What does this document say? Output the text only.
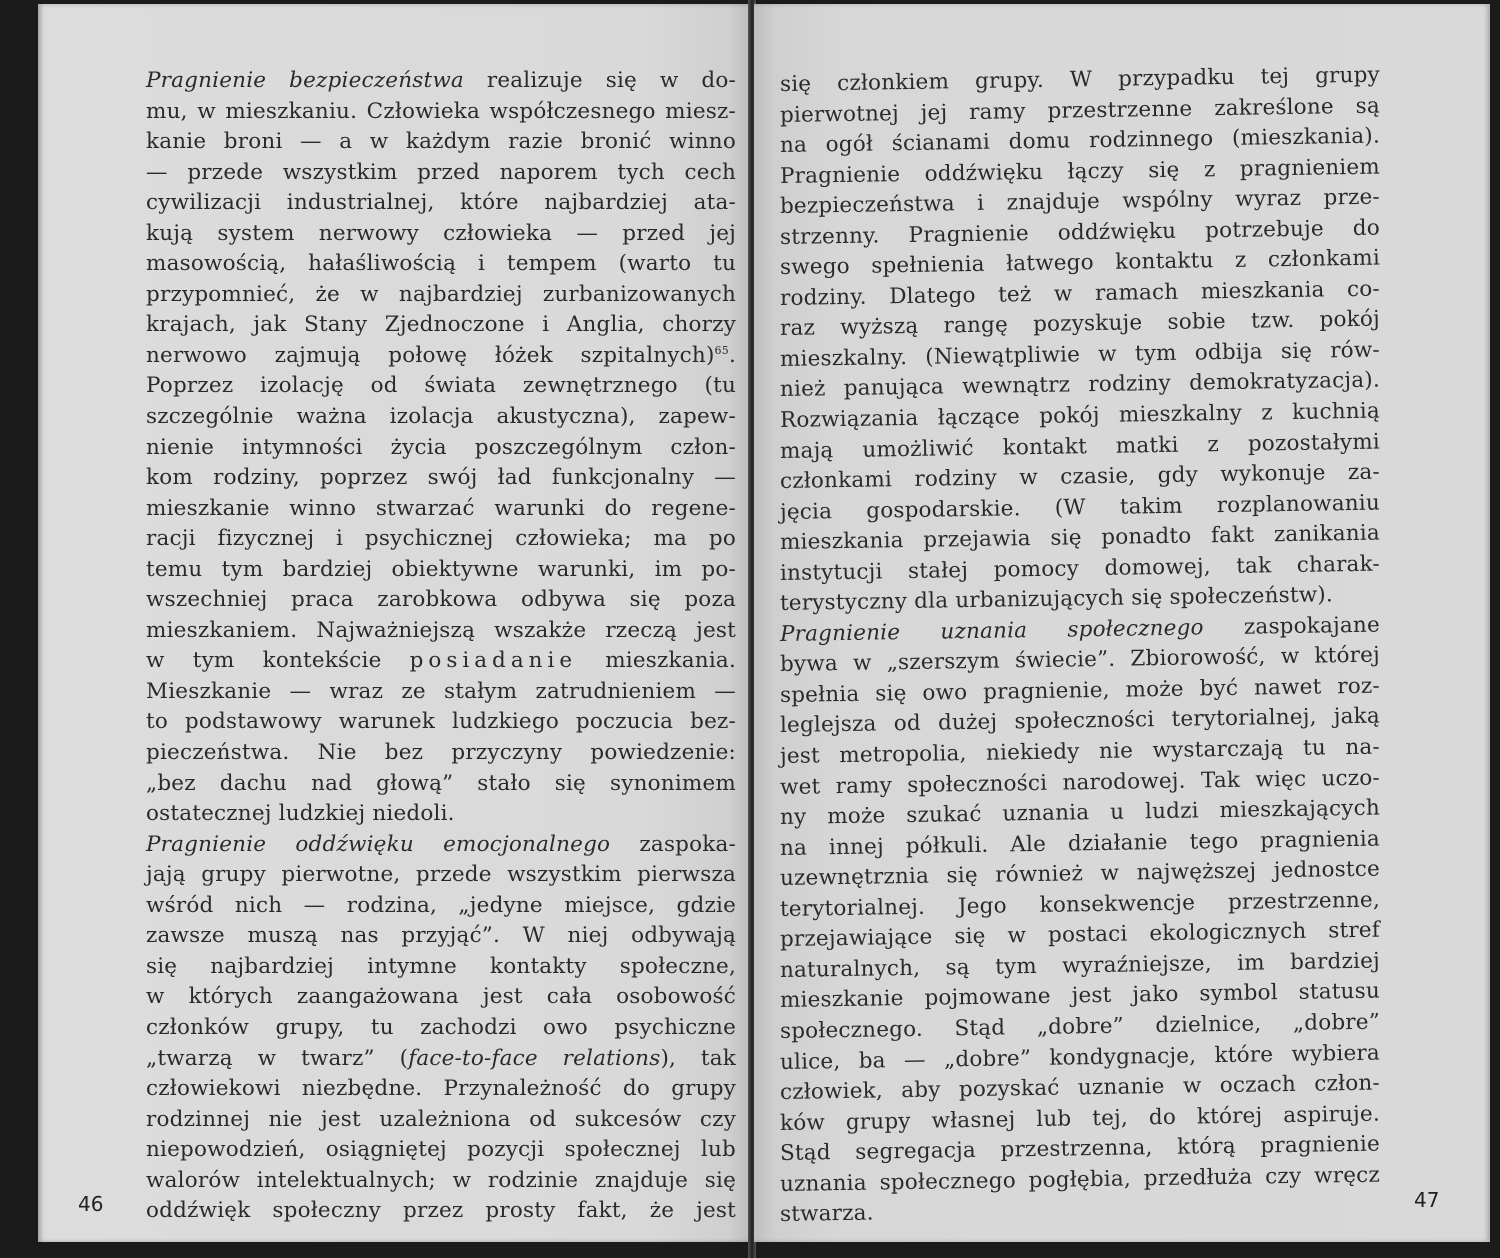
Pragnienie bezpieczeństwa realizuje się w do-
mu, w mieszkaniu. Człowieka współczesnego miesz-
kanie broni — a w każdym razie bronić winno
— przede wszystkim przed naporem tych cech
cywilizacji industrialnej, które najbardziej ata-
kują system nerwowy człowieka — przed jej
masowością, hałaśliwością i tempem (warto tu
przypomnieć, że w najbardziej zurbanizowanych
krajach, jak Stany Zjednoczone i Anglia, chorzy
nerwowo zajmują połowę łóżek szpitalnych)$^{65}$.
Poprzez izolację od świata zewnętrznego (tu
szczególnie ważna izolacja akustyczna), zapew-
nienie intymności życia poszczególnym człon-
kom rodziny, poprzez swój ład funkcjonalny —
mieszkanie winno stwarzać warunki do regene-
racji fizycznej i psychicznej człowieka; ma po
temu tym bardziej obiektywne warunki, im po-
wszechniej praca zarobkowa odbywa się poza
mieszkaniem. Najważniejszą wszakże rzeczą jest
w tym kontekście posiadanie mieszkania.
Mieszkanie — wraz ze stałym zatrudnieniem —
to podstawowy warunek ludzkiego poczucia bez-
pieczeństwa. Nie bez przyczyny powiedzenie:
„bez dachu nad głową” stało się synonimem
ostatecznej ludzkiej niedoli.
Pragnienie oddźwięku emocjonalnego zaspoka-
jają grupy pierwotne, przede wszystkim pierwsza
wśród nich — rodzina, „jedyne miejsce, gdzie
zawsze muszą nas przyjąć”. W niej odbywają
się najbardziej intymne kontakty społeczne,
w których zaangażowana jest cała osobowość
członków grupy, tu zachodzi owo psychiczne
„twarzą w twarz” (face-to-face relations), tak
człowiekowi niezbędne. Przynależność do grupy
rodzinnej nie jest uzależniona od sukcesów czy
niepowodzień, osiągniętej pozycji społecznej lub
walorów intelektualnych; w rodzinie znajduje się
oddźwięk społeczny przez prosty fakt, że jest
46
się członkiem grupy. W przypadku tej grupy
pierwotnej jej ramy przestrzenne zakreślone są
na ogół ścianami domu rodzinnego (mieszkania).
Pragnienie oddźwięku łączy się z pragnieniem
bezpieczeństwa i znajduje wspólny wyraz prze-
strzenny. Pragnienie oddźwięku potrzebuje do
swego spełnienia łatwego kontaktu z członkami
rodziny. Dlatego też w ramach mieszkania co-
raz wyższą rangę pozyskuje sobie tzw. pokój
mieszkalny. (Niewątpliwie w tym odbija się rów-
nież panująca wewnątrz rodziny demokratyzacja).
Rozwiązania łączące pokój mieszkalny z kuchnią
mają umożliwić kontakt matki z pozostałymi
członkami rodziny w czasie, gdy wykonuje za-
jęcia gospodarskie. (W takim rozplanowaniu
mieszkania przejawia się ponadto fakt zanikania
instytucji stałej pomocy domowej, tak charak-
terystyczny dla urbanizujących się społeczeństw).
Pragnienie uznania społecznego zaspokajane
bywa w „szerszym świecie”. Zbiorowość, w której
spełnia się owo pragnienie, może być nawet roz-
leglejsza od dużej społeczności terytorialnej, jaką
jest metropolia, niekiedy nie wystarczają tu na-
wet ramy społeczności narodowej. Tak więc uczo-
ny może szukać uznania u ludzi mieszkających
na innej półkuli. Ale działanie tego pragnienia
uzewnętrznia się również w najwęższej jednostce
terytorialnej. Jego konsekwencje przestrzenne,
przejawiające się w postaci ekologicznych stref
naturalnych, są tym wyraźniejsze, im bardziej
mieszkanie pojmowane jest jako symbol statusu
społecznego. Stąd „dobre” dzielnice, „dobre”
ulice, ba — „dobre” kondygnacje, które wybiera
człowiek, aby pozyskać uznanie w oczach człon-
ków grupy własnej lub tej, do której aspiruje.
Stąd segregacja przestrzenna, którą pragnienie
uznania społecznego pogłębia, przedłuża czy wręcz
stwarza.
47
